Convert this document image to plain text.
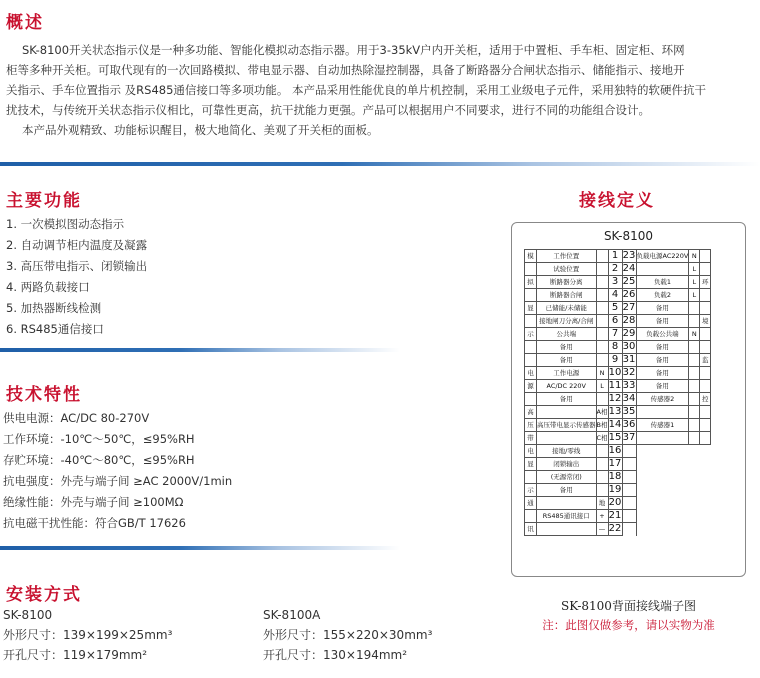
概述
SK-8100开关状态指示仪是一种多功能、智能化模拟动态指示器。用于3-35kV户内开关柜，适用于中置柜、手车柜、固定柜、环网
柜等多种开关柜。可取代现有的一次回路模拟、带电显示器、自动加热除湿控制器，具备了断路器分合闸状态指示、储能指示、接地开
关指示、手车位置指示 及RS485通信接口等多项功能。 本产品采用性能优良的单片机控制，采用工业级电子元件，采用独特的软硬件抗干
扰技术，与传统开关状态指示仪相比，可靠性更高，抗干扰能力更强。产品可以根据用户不同要求，进行不同的功能组合设计。
本产品外观精致、功能标识醒目，极大地简化、美观了开关柜的面板。
主要功能
1. 一次模拟图动态指示
2. 自动调节柜内温度及凝露
3. 高压带电指示、闭锁输出
4. 两路负载接口
5. 加热器断线检测
6. RS485通信接口
技术特性
供电电源：AC/DC 80-270V
工作环境：-10℃～50℃，≤95%RH
存贮环境：-40℃～80℃，≤95%RH
抗电强度：外壳与端子间 ≥AC 2000V/1min
绝缘性能：外壳与端子间 ≥100MΩ
抗电磁干扰性能：符合GB/T 17626
安装方式
SK-8100
外形尺寸：139×199×25mm³
开孔尺寸：119×179mm²
SK-8100A
外形尺寸：155×220×30mm³
开孔尺寸：130×194mm²
接线定义
SK-8100
模	工作位置		1	23	负载电源AC220V	N	
	试验位置		2	24		L	
拟	断路器分离		3	25	负载1	L	环
	断路器合闸		4	26	负载2	L	
显	已储能/未储能		5	27	备用		
	接地闸刀分离/合闸		6	28	备用		境
示	公共端		7	29	负载公共端	N	
	备用		8	30	备用		
	备用		9	31	备用		监
电	工作电源	N	10	32	备用		
源	AC/DC 220V	L	11	33	备用		
	备用		12	34	传感器2		控
高		A相	13	35			
压	高压带电显示传感器	B相	14	36	传感器1		
带		C相	15	37			
电	接地/零线		16				
显	闭锁输出		17				
	(无源常闭)		18				
示	备用		19				
通		地	20				
	RS485通讯接口	+	21				
讯		—	22				
SK-8100背面接线端子图
注：此图仅做参考，请以实物为准
